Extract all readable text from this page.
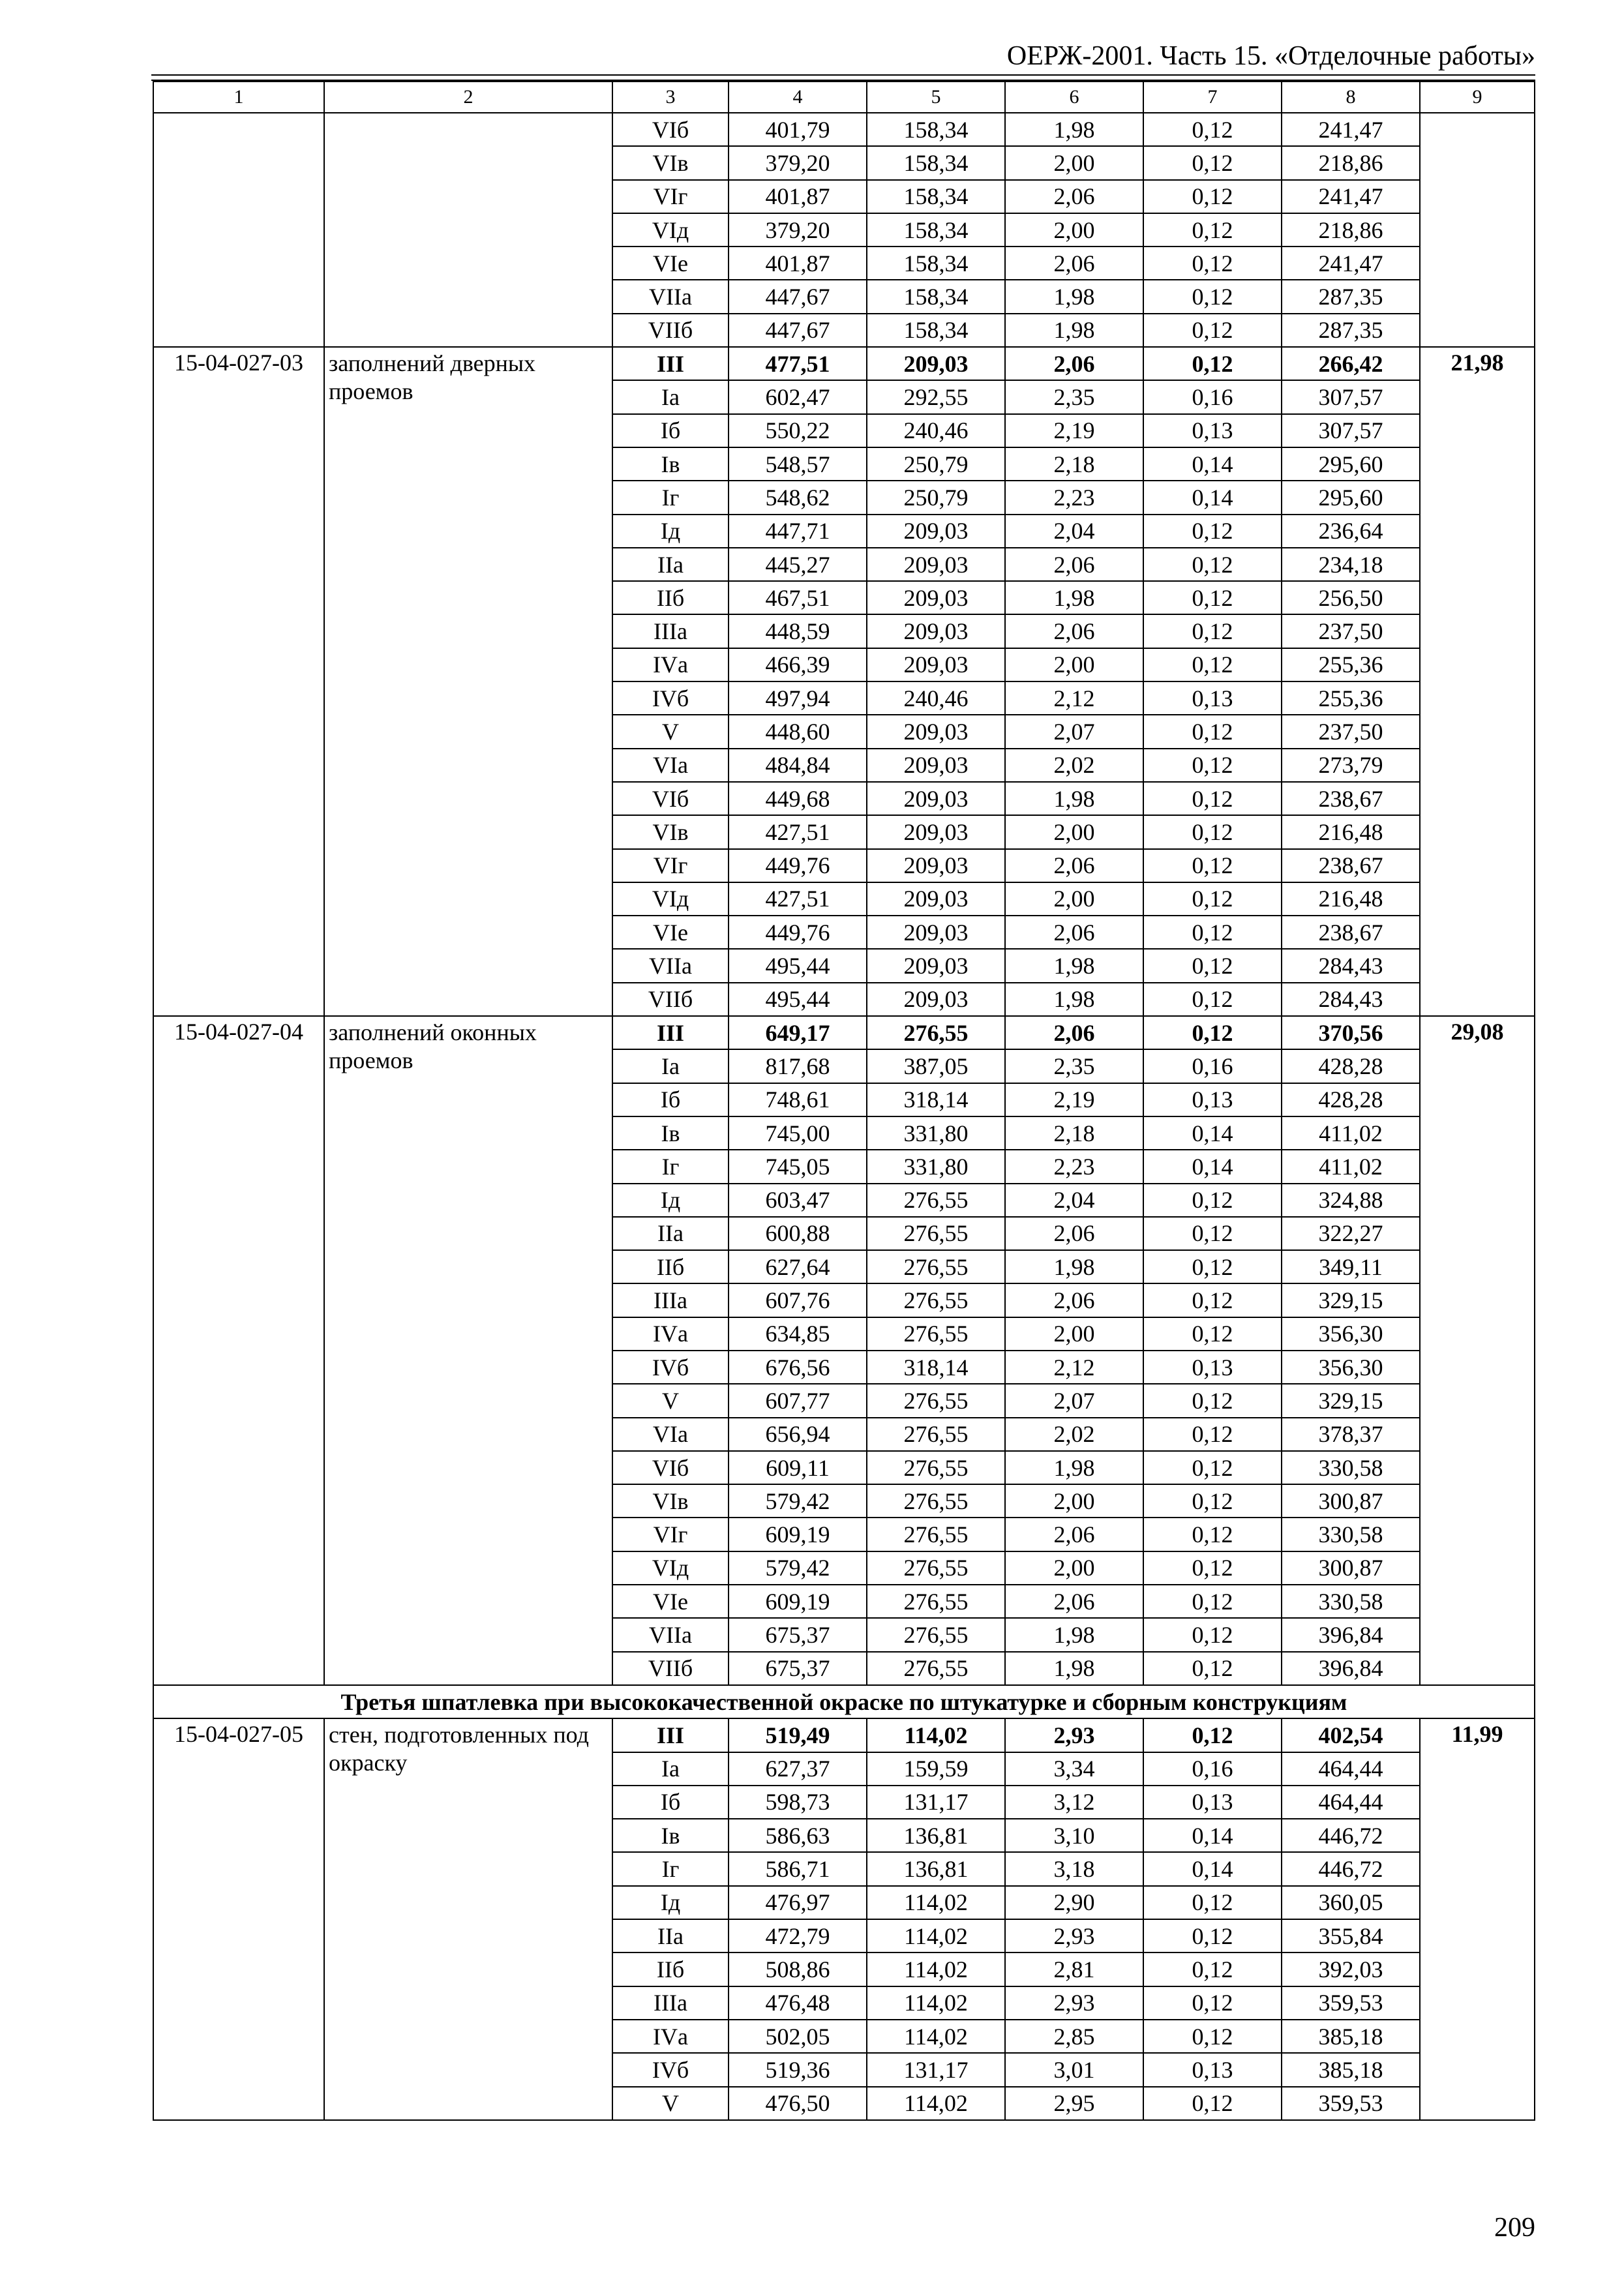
ОЕРЖ-2001. Часть 15. «Отделочные работы»
1	2	3	4	5	6	7	8	9
		VIб	401,79	158,34	1,98	0,12	241,47	
		VIв	379,20	158,34	2,00	0,12	218,86	
		VIг	401,87	158,34	2,06	0,12	241,47	
		VIд	379,20	158,34	2,00	0,12	218,86	
		VIе	401,87	158,34	2,06	0,12	241,47	
		VIIа	447,67	158,34	1,98	0,12	287,35	
		VIIб	447,67	158,34	1,98	0,12	287,35	
15-04-027-03	заполнений дверных проемов	III	477,51	209,03	2,06	0,12	266,42	21,98
		Iа	602,47	292,55	2,35	0,16	307,57	
		Iб	550,22	240,46	2,19	0,13	307,57	
		Iв	548,57	250,79	2,18	0,14	295,60	
		Iг	548,62	250,79	2,23	0,14	295,60	
		Iд	447,71	209,03	2,04	0,12	236,64	
		IIа	445,27	209,03	2,06	0,12	234,18	
		IIб	467,51	209,03	1,98	0,12	256,50	
		IIIа	448,59	209,03	2,06	0,12	237,50	
		IVа	466,39	209,03	2,00	0,12	255,36	
		IVб	497,94	240,46	2,12	0,13	255,36	
		V	448,60	209,03	2,07	0,12	237,50	
		VIа	484,84	209,03	2,02	0,12	273,79	
		VIб	449,68	209,03	1,98	0,12	238,67	
		VIв	427,51	209,03	2,00	0,12	216,48	
		VIг	449,76	209,03	2,06	0,12	238,67	
		VIд	427,51	209,03	2,00	0,12	216,48	
		VIе	449,76	209,03	2,06	0,12	238,67	
		VIIа	495,44	209,03	1,98	0,12	284,43	
		VIIб	495,44	209,03	1,98	0,12	284,43	
15-04-027-04	заполнений оконных проемов	III	649,17	276,55	2,06	0,12	370,56	29,08
		Iа	817,68	387,05	2,35	0,16	428,28	
		Iб	748,61	318,14	2,19	0,13	428,28	
		Iв	745,00	331,80	2,18	0,14	411,02	
		Iг	745,05	331,80	2,23	0,14	411,02	
		Iд	603,47	276,55	2,04	0,12	324,88	
		IIа	600,88	276,55	2,06	0,12	322,27	
		IIб	627,64	276,55	1,98	0,12	349,11	
		IIIа	607,76	276,55	2,06	0,12	329,15	
		IVа	634,85	276,55	2,00	0,12	356,30	
		IVб	676,56	318,14	2,12	0,13	356,30	
		V	607,77	276,55	2,07	0,12	329,15	
		VIа	656,94	276,55	2,02	0,12	378,37	
		VIб	609,11	276,55	1,98	0,12	330,58	
		VIв	579,42	276,55	2,00	0,12	300,87	
		VIг	609,19	276,55	2,06	0,12	330,58	
		VIд	579,42	276,55	2,00	0,12	300,87	
		VIе	609,19	276,55	2,06	0,12	330,58	
		VIIа	675,37	276,55	1,98	0,12	396,84	
		VIIб	675,37	276,55	1,98	0,12	396,84	
Третья шпатлевка при высококачественной окраске по штукатурке и сборным конструкциям								
15-04-027-05	стен, подготовленных под окраску	III	519,49	114,02	2,93	0,12	402,54	11,99
		Iа	627,37	159,59	3,34	0,16	464,44	
		Iб	598,73	131,17	3,12	0,13	464,44	
		Iв	586,63	136,81	3,10	0,14	446,72	
		Iг	586,71	136,81	3,18	0,14	446,72	
		Iд	476,97	114,02	2,90	0,12	360,05	
		IIа	472,79	114,02	2,93	0,12	355,84	
		IIб	508,86	114,02	2,81	0,12	392,03	
		IIIа	476,48	114,02	2,93	0,12	359,53	
		IVа	502,05	114,02	2,85	0,12	385,18	
		IVб	519,36	131,17	3,01	0,13	385,18	
		V	476,50	114,02	2,95	0,12	359,53	
209
